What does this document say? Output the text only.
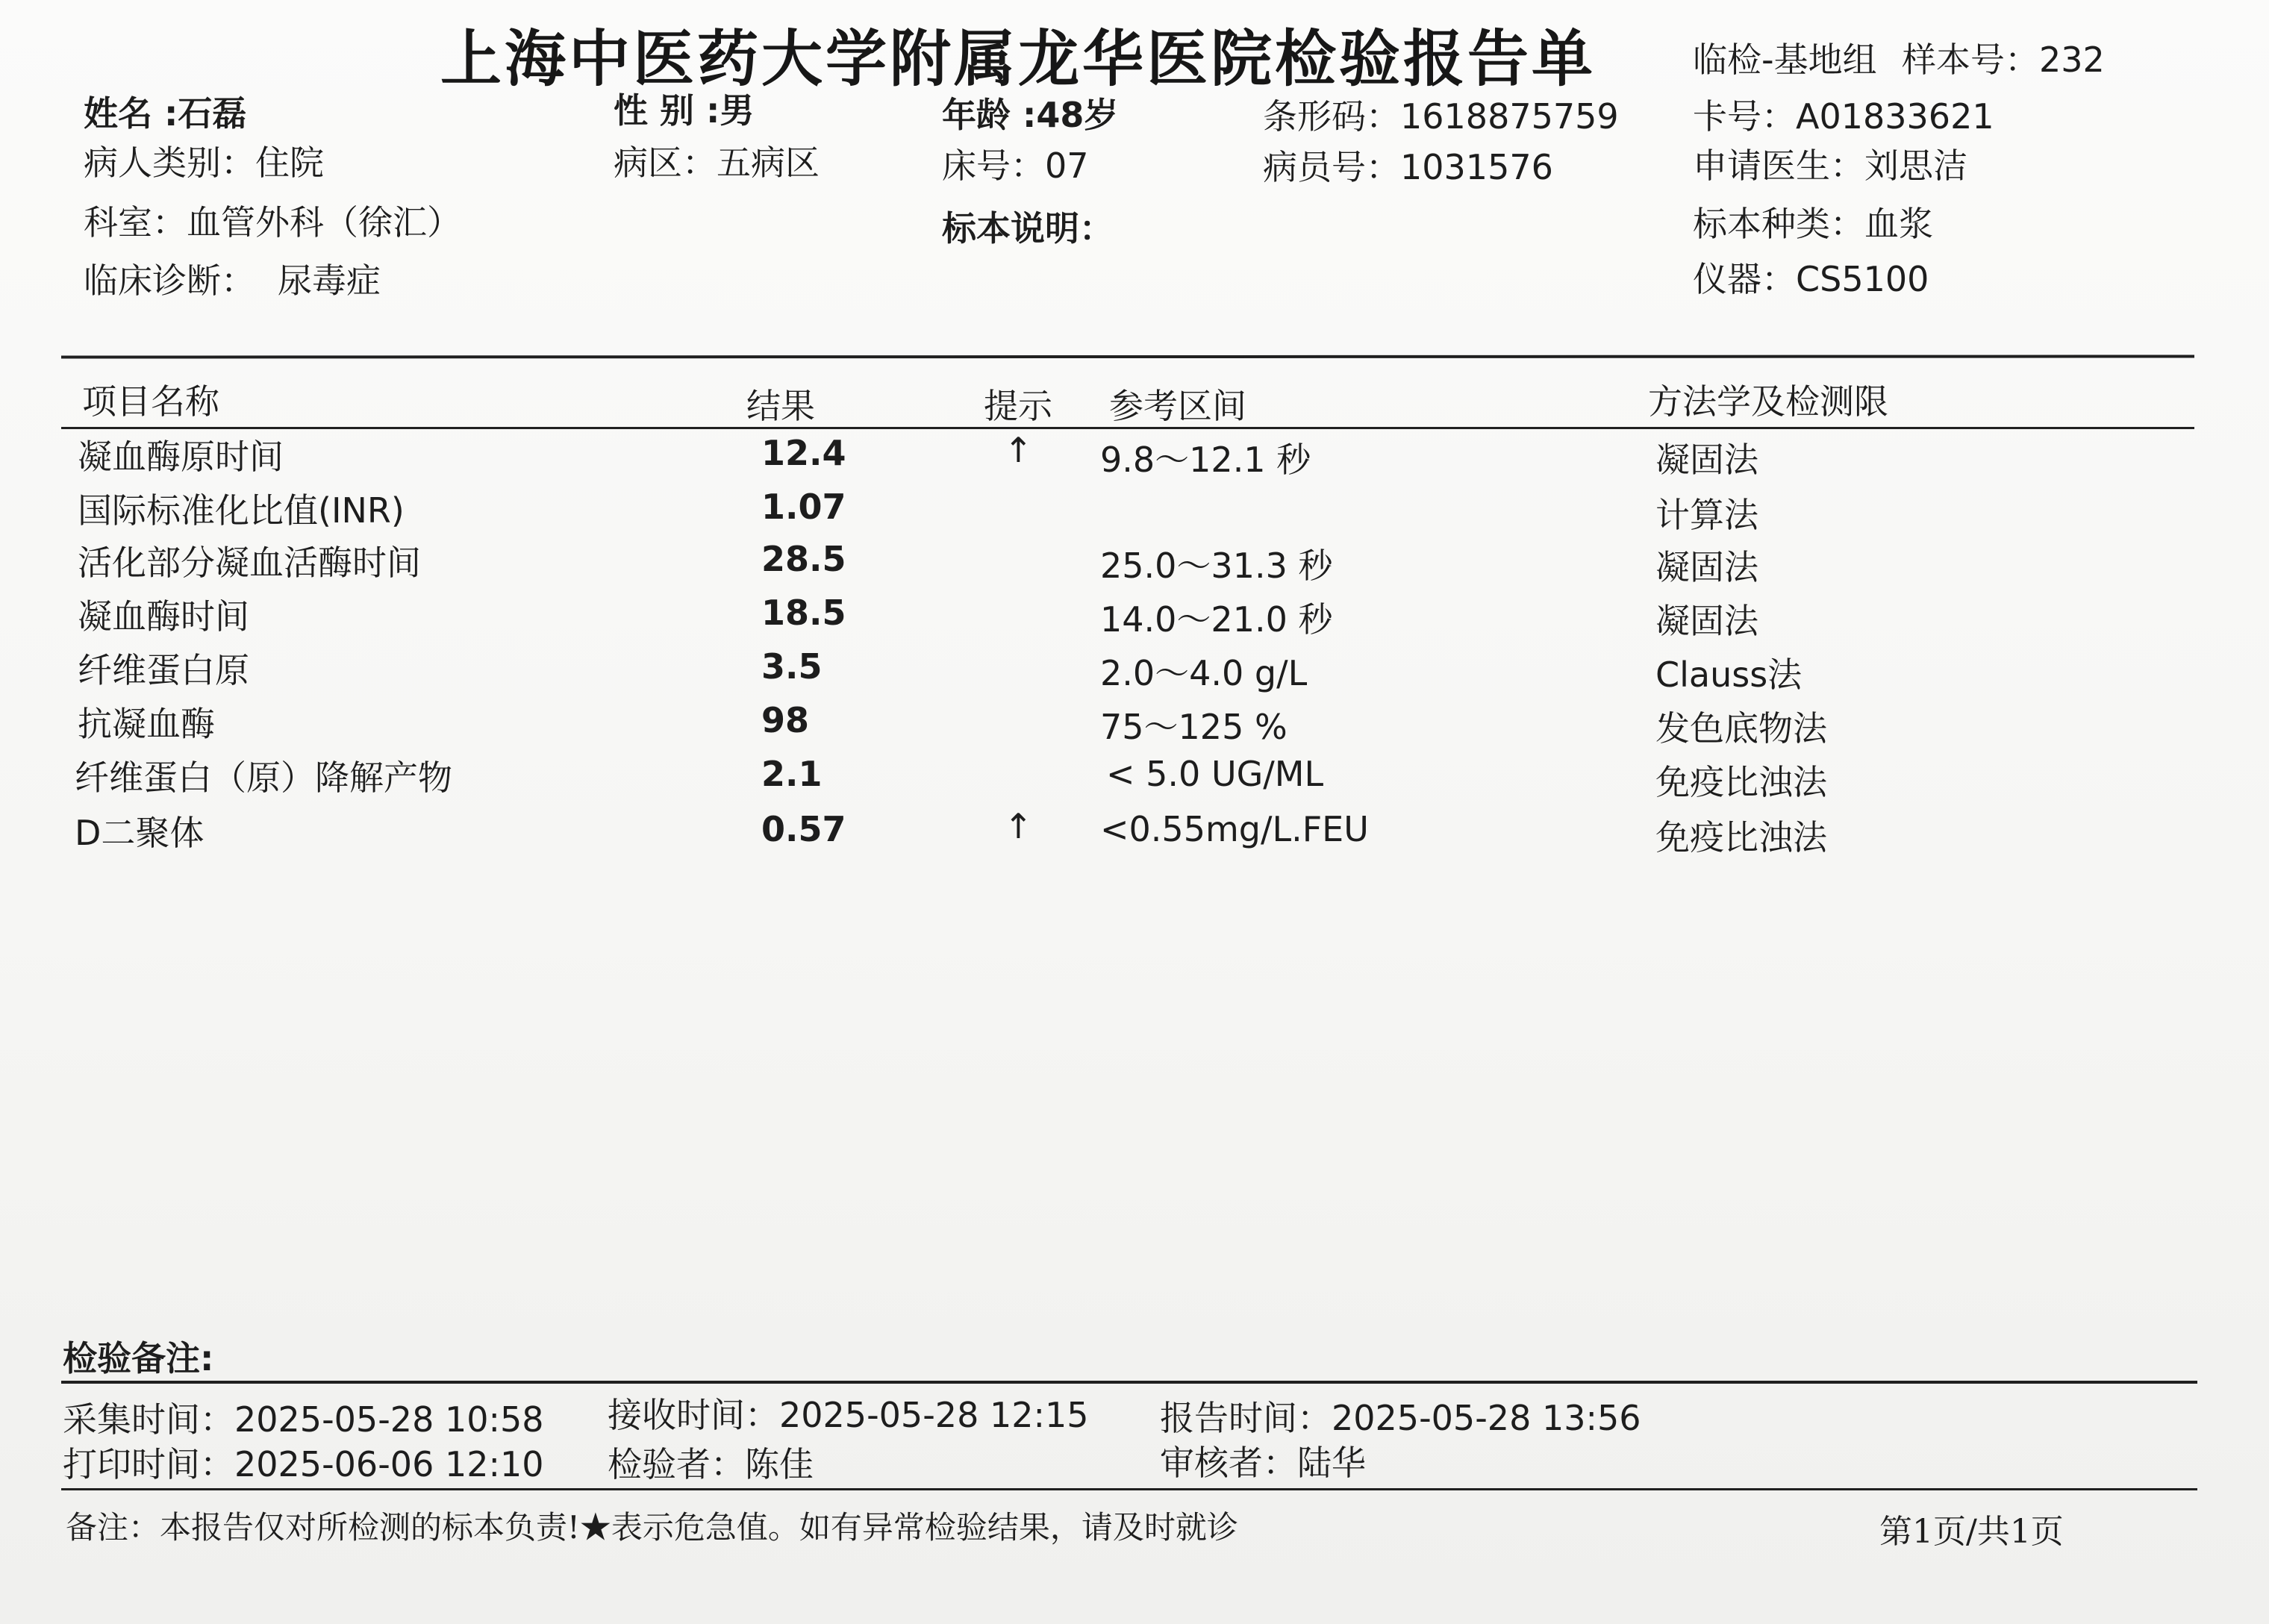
上海中医药大学附属龙华医院检验报告单	临检-基地组 样本号：232
姓名 :石磊	性 别 :男	年龄 :48岁	条形码：1618875759 卡号：A01833621
病人类别：住院	病区：五病区	床号：07	病员号：1031576	申请医生：刘思洁
科室：血管外科（徐汇）	标本说明：	标本种类：血浆
临床诊断： 尿毒症	仪器：CS5100
项目名称	结果	提示 参考区间	方法学及检测限
凝血酶原时间	12.4	↑ 9.8～12.1 秒	凝固法
国际标准化比值(INR)	1.07	计算法
活化部分凝血活酶时间	28.5	25.0～31.3 秒	凝固法
凝血酶时间	18.5	14.0～21.0 秒	凝固法
纤维蛋白原	3.5	2.0～4.0 g/L	Clauss法
抗凝血酶	98	75～125 %	发色底物法
纤维蛋白（原）降解产物	2.1	< 5.0 UG/ML	免疫比浊法
D二聚体	0.57	↑ <0.55mg/L.FEU	免疫比浊法
检验备注:
采集时间：2025-05-28 10:58 接收时间：2025-05-28 12:15 报告时间：2025-05-28 13:56
打印时间：2025-06-06 12:10 检验者：陈佳	审核者：陆华
备注：本报告仅对所检测的标本负责!★表示危急值。如有异常检验结果，请及时就诊	第1页/共1页
